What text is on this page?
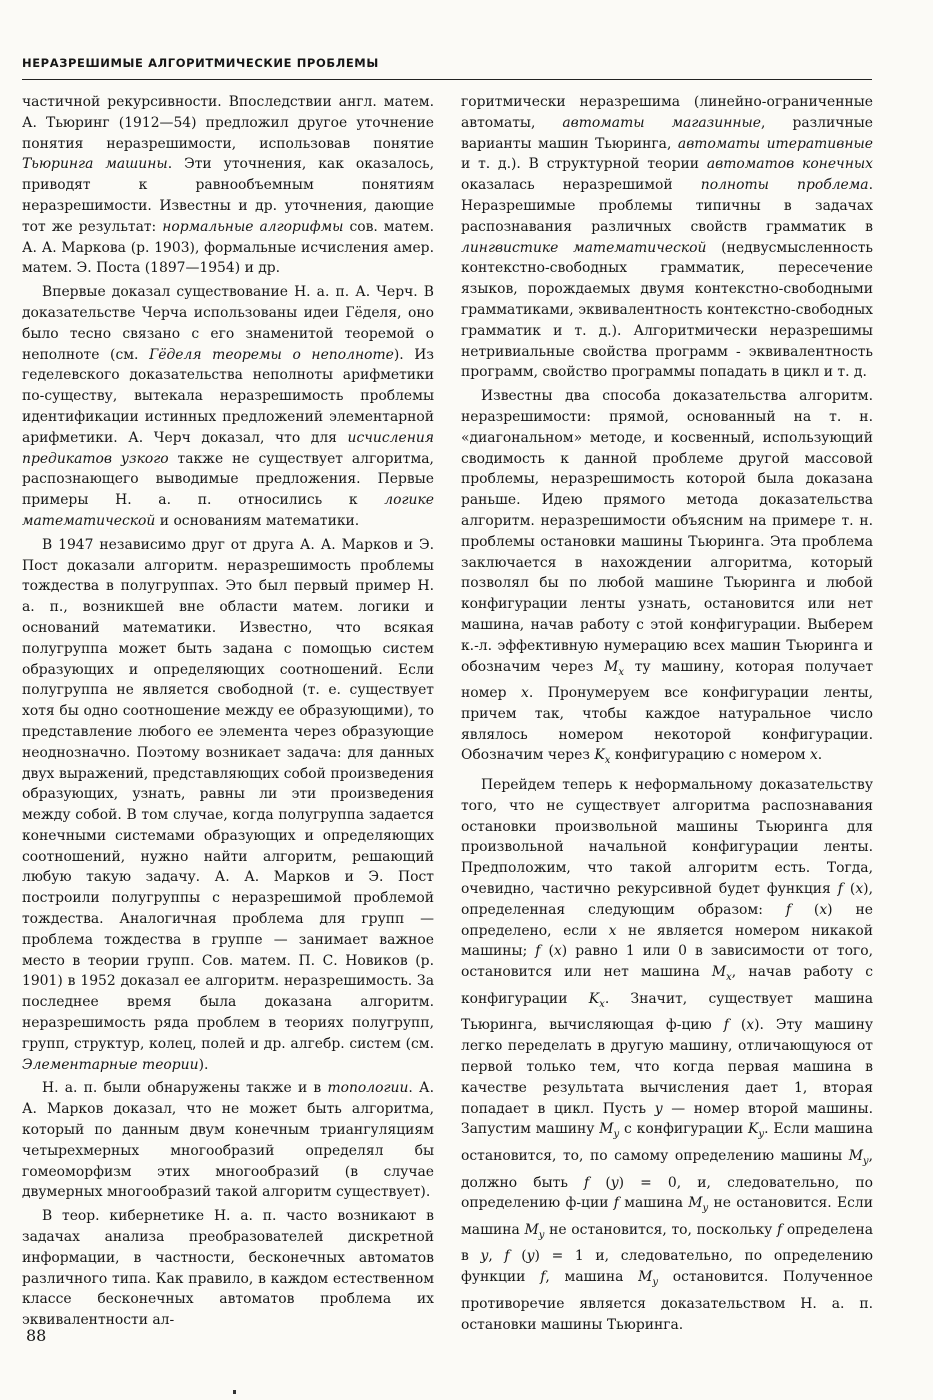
НЕРАЗРЕШИМЫЕ АЛГОРИТМИЧЕСКИЕ ПРОБЛЕМЫ

частичной рекурсивности. Впоследствии англ. матем. А. Тьюринг (1912—54) предложил другое уточнение понятия неразрешимости, использовав понятие Тьюринга машины. Эти уточнения, как оказалось, приводят к равнообъемным понятиям неразрешимости. Известны и др. уточнения, дающие тот же результат: нормальные алгорифмы сов. матем. А. А. Маркова (р. 1903), формальные исчисления амер. матем. Э. Поста (1897—1954) и др.

Впервые доказал существование Н. а. п. А. Черч. В доказательстве Черча использованы идеи Гёделя, оно было тесно связано с его знаменитой теоремой о неполноте (см. Гёделя теоремы о неполноте). Из геделевского доказательства неполноты арифметики по-существу, вытекала неразрешимость проблемы идентификации истинных предложений элементарной арифметики. А. Черч доказал, что для исчисления предикатов узкого также не существует алгоритма, распознающего выводимые предложения. Первые примеры Н. а. п. относились к логике математической и основаниям математики.

В 1947 независимо друг от друга А. А. Марков и Э. Пост доказали алгоритм. неразрешимость проблемы тождества в полугруппах. Это был первый пример Н. а. п., возникшей вне области матем. логики и оснований математики. Известно, что всякая полугруппа может быть задана с помощью систем образующих и определяющих соотношений. Если полугруппа не является свободной (т. е. существует хотя бы одно соотношение между ее образующими), то представление любого ее элемента через образующие неоднозначно. Поэтому возникает задача: для данных двух выражений, представляющих собой произведения образующих, узнать, равны ли эти произведения между собой. В том случае, когда полугруппа задается конечными системами образующих и определяющих соотношений, нужно найти алгоритм, решающий любую такую задачу. А. А. Марков и Э. Пост построили полугруппы с неразрешимой проблемой тождества. Аналогичная проблема для групп — проблема тождества в группе — занимает важное место в теории групп. Сов. матем. П. С. Новиков (р. 1901) в 1952 доказал ее алгоритм. неразрешимость. За последнее время была доказана алгоритм. неразрешимость ряда проблем в теориях полугрупп, групп, структур, колец, полей и др. алгебр. систем (см. Элементарные теории).

Н. а. п. были обнаружены также и в топологии. А. А. Марков доказал, что не может быть алгоритма, который по данным двум конечным триангуляциям четырехмерных многообразий определял бы гомеоморфизм этих многообразий (в случае двумерных многообразий такой алгоритм существует).

В теор. кибернетике Н. а. п. часто возникают в задачах анализа преобразователей дискретной информации, в частности, бесконечных автоматов различного типа. Как правило, в каждом естественном классе бесконечных автоматов проблема их эквивалентности ал-

горитмически неразрешима (линейно-ограниченные автоматы, автоматы магазинные, различные варианты машин Тьюринга, автоматы итеративные и т. д.). В структурной теории автоматов конечных оказалась неразрешимой полноты проблема. Неразрешимые проблемы типичны в задачах распознавания различных свойств грамматик в лингвистике математической (недвусмысленность контекстно-свободных грамматик, пересечение языков, порождаемых двумя контекстно-свободными грамматиками, эквивалентность контекстно-свободных грамматик и т. д.). Алгоритмически неразрешимы нетривиальные свойства программ - эквивалентность программ, свойство программы попадать в цикл и т. д.

Известны два способа доказательства алгоритм. неразрешимости: прямой, основанный на т. н. «диагональном» методе, и косвенный, использующий сводимость к данной проблеме другой массовой проблемы, неразрешимость которой была доказана раньше. Идею прямого метода доказательства алгоритм. неразрешимости объясним на примере т. н. проблемы остановки машины Тьюринга. Эта проблема заключается в нахождении алгоритма, который позволял бы по любой машине Тьюринга и любой конфигурации ленты узнать, остановится или нет машина, начав работу с этой конфигурации. Выберем к.-л. эффективную нумерацию всех машин Тьюринга и обозначим через $M_x$ ту машину, которая получает номер x. Пронумеруем все конфигурации ленты, причем так, чтобы каждое натуральное число являлось номером некоторой конфигурации. Обозначим через $K_x$ конфигурацию с номером x.

Перейдем теперь к неформальному доказательству того, что не существует алгоритма распознавания остановки произвольной машины Тьюринга для произвольной начальной конфигурации ленты. Предположим, что такой алгоритм есть. Тогда, очевидно, частично рекурсивной будет функция f (x), определенная следующим образом: f (x) не определено, если x не является номером никакой машины; f (x) равно 1 или 0 в зависимости от того, остановится или нет машина $M_x$, начав работу с конфигурации $K_x$. Значит, существует машина Тьюринга, вычисляющая ф-цию f (x). Эту машину легко переделать в другую машину, отличающуюся от первой только тем, что когда первая машина в качестве результата вычисления дает 1, вторая попадает в цикл. Пусть y — номер второй машины. Запустим машину $M_y$ с конфигурации $K_y$. Если машина остановится, то, по самому определению машины $M_y$, должно быть f (y) = 0, и, следовательно, по определению ф-ции f машина $M_y$ не остановится. Если машина $M_y$ не остановится, то, поскольку f определена в y, f (y) = 1 и, следовательно, по определению функции f, машина $M_y$ остановится. Полученное противоречие является доказательством Н. а. п. остановки машины Тьюринга.

88
